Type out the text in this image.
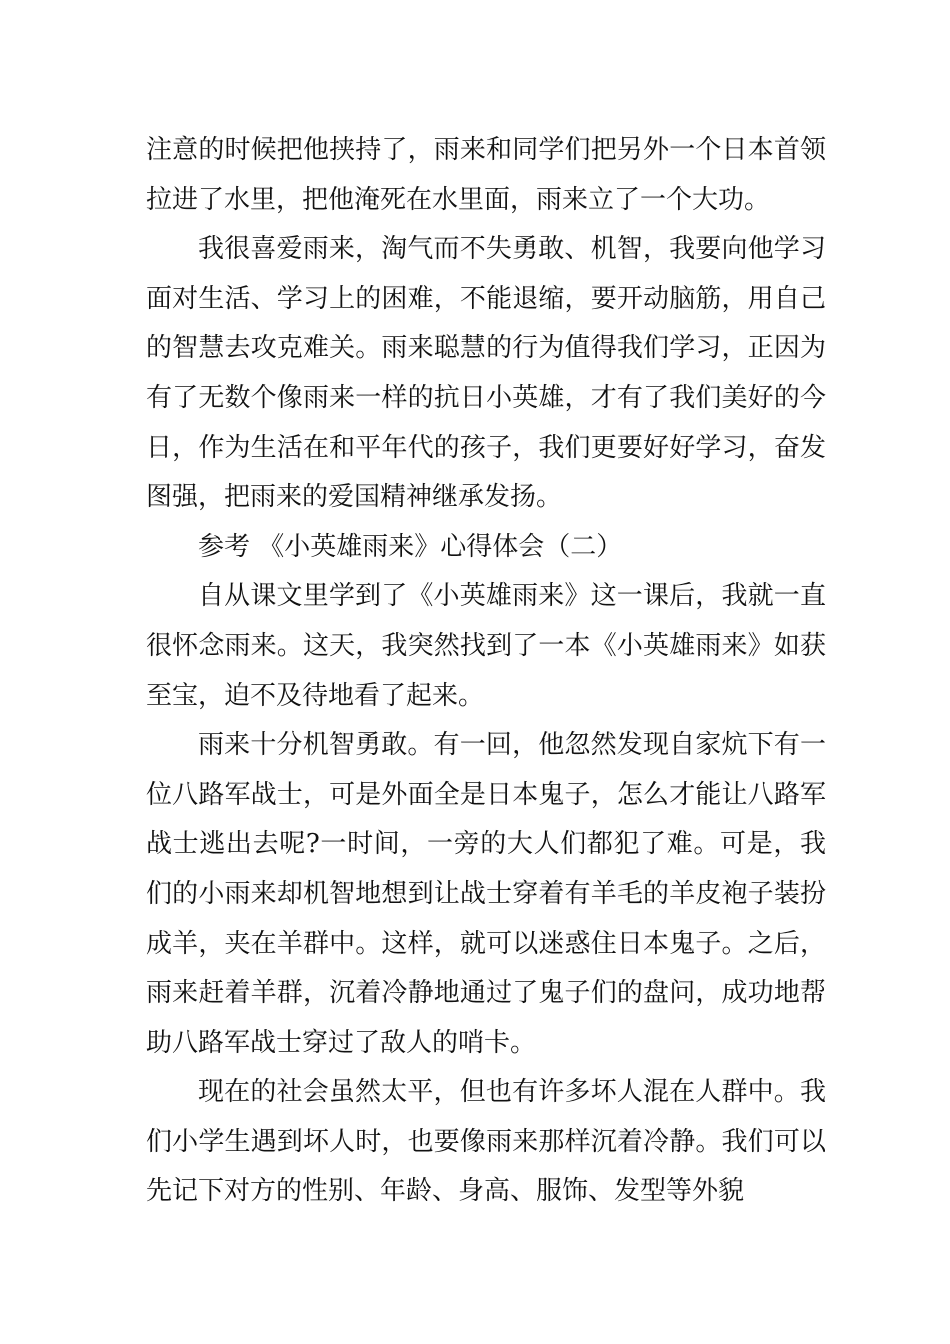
注意的时候把他挟持了，雨来和同学们把另外一个日本首领拉进了水里，把他淹死在水里面，雨来立了一个大功。

我很喜爱雨来，淘气而不失勇敢、机智，我要向他学习面对生活、学习上的困难，不能退缩，要开动脑筋，用自己的智慧去攻克难关。雨来聪慧的行为值得我们学习，正因为有了无数个像雨来一样的抗日小英雄，才有了我们美好的今日，作为生活在和平年代的孩子，我们更要好好学习，奋发图强，把雨来的爱国精神继承发扬。

参考 《小英雄雨来》心得体会（二）

自从课文里学到了《小英雄雨来》这一课后，我就一直很怀念雨来。这天，我突然找到了一本《小英雄雨来》如获至宝，迫不及待地看了起来。

雨来十分机智勇敢。有一回，他忽然发现自家炕下有一位八路军战士，可是外面全是日本鬼子，怎么才能让八路军战士逃出去呢?一时间，一旁的大人们都犯了难。可是，我们的小雨来却机智地想到让战士穿着有羊毛的羊皮袍子装扮成羊，夹在羊群中。这样，就可以迷惑住日本鬼子。之后，雨来赶着羊群，沉着冷静地通过了鬼子们的盘问，成功地帮助八路军战士穿过了敌人的哨卡。

现在的社会虽然太平，但也有许多坏人混在人群中。我们小学生遇到坏人时，也要像雨来那样沉着冷静。我们可以先记下对方的性别、年龄、身高、服饰、发型等外貌
